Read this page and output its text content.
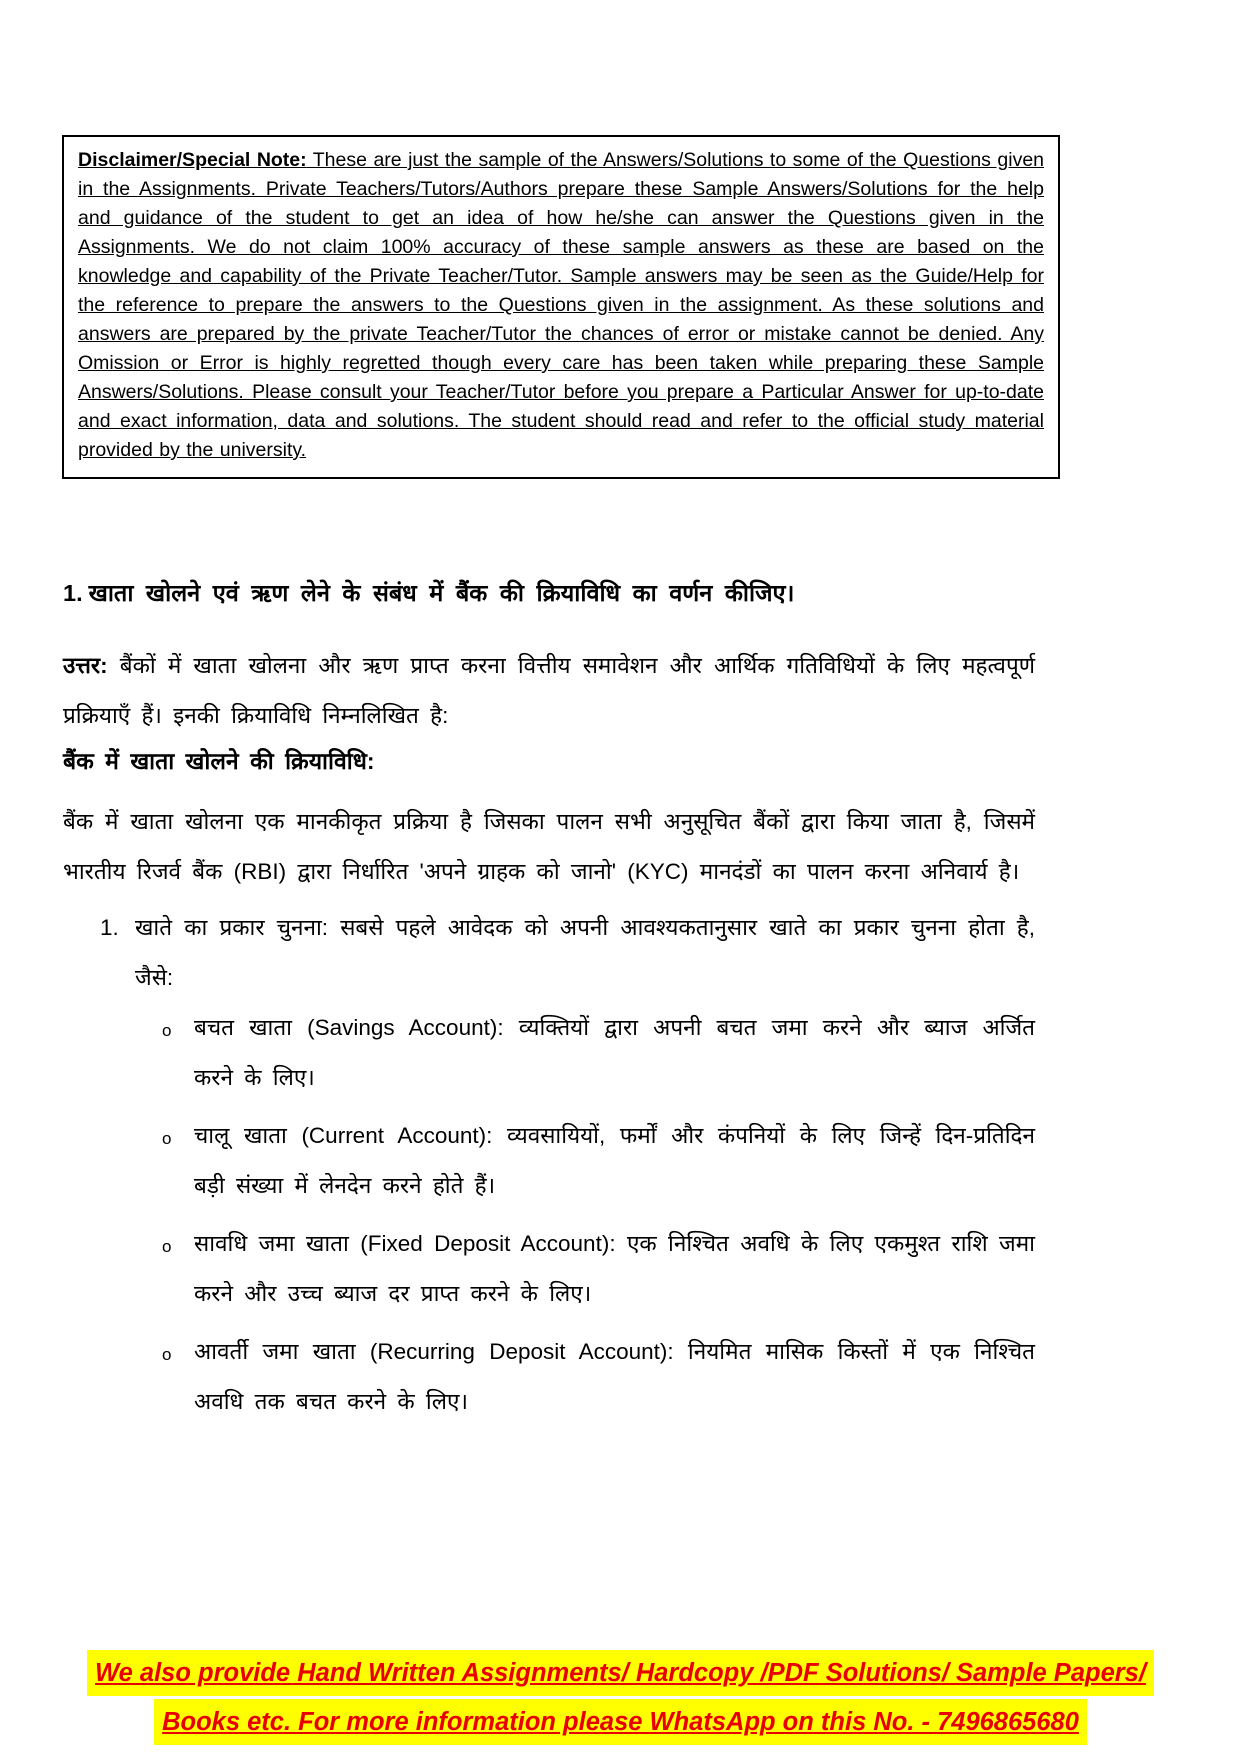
Disclaimer/Special Note: These are just the sample of the Answers/Solutions to some of the Questions given in the Assignments. Private Teachers/Tutors/Authors prepare these Sample Answers/Solutions for the help and guidance of the student to get an idea of how he/she can answer the Questions given in the Assignments. We do not claim 100% accuracy of these sample answers as these are based on the knowledge and capability of the Private Teacher/Tutor. Sample answers may be seen as the Guide/Help for the reference to prepare the answers to the Questions given in the assignment. As these solutions and answers are prepared by the private Teacher/Tutor the chances of error or mistake cannot be denied. Any Omission or Error is highly regretted though every care has been taken while preparing these Sample Answers/Solutions. Please consult your Teacher/Tutor before you prepare a Particular Answer for up-to-date and exact information, data and solutions. The student should read and refer to the official study material provided by the university.

1. खाता खोलने एवं ऋण लेने के संबंध में बैंक की क्रियाविधि का वर्णन कीजिए।

उत्तर: बैंकों में खाता खोलना और ऋण प्राप्त करना वित्तीय समावेशन और आर्थिक गतिविधियों के लिए महत्वपूर्ण प्रक्रियाएँ हैं। इनकी क्रियाविधि निम्नलिखित है:

बैंक में खाता खोलने की क्रियाविधि:

बैंक में खाता खोलना एक मानकीकृत प्रक्रिया है जिसका पालन सभी अनुसूचित बैंकों द्वारा किया जाता है, जिसमें भारतीय रिजर्व बैंक (RBI) द्वारा निर्धारित 'अपने ग्राहक को जानो' (KYC) मानदंडों का पालन करना अनिवार्य है।

1. खाते का प्रकार चुनना: सबसे पहले आवेदक को अपनी आवश्यकतानुसार खाते का प्रकार चुनना होता है, जैसे:
o बचत खाता (Savings Account): व्यक्तियों द्वारा अपनी बचत जमा करने और ब्याज अर्जित करने के लिए।
o चालू खाता (Current Account): व्यवसायियों, फर्मों और कंपनियों के लिए जिन्हें दिन-प्रतिदिन बड़ी संख्या में लेनदेन करने होते हैं।
o सावधि जमा खाता (Fixed Deposit Account): एक निश्चित अवधि के लिए एकमुश्त राशि जमा करने और उच्च ब्याज दर प्राप्त करने के लिए।
o आवर्ती जमा खाता (Recurring Deposit Account): नियमित मासिक किस्तों में एक निश्चित अवधि तक बचत करने के लिए।
We also provide Hand Written Assignments/ Hardcopy /PDF Solutions/ Sample Papers/
Books etc. For more information please WhatsApp on this No. - 7496865680
